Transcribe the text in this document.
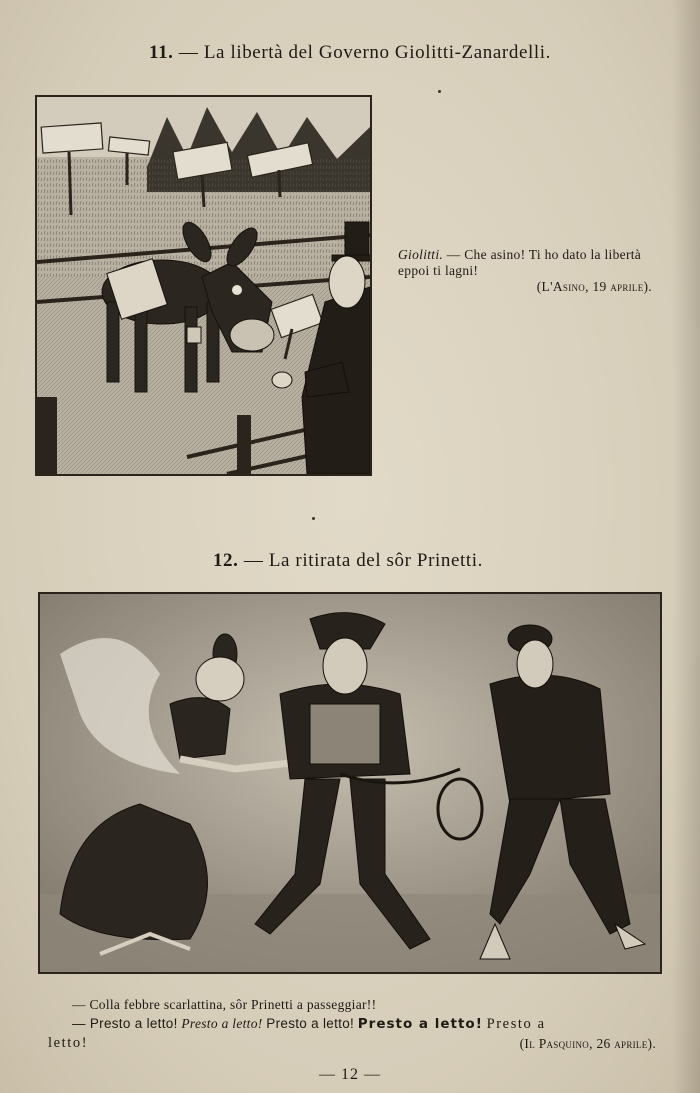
11. — La libertà del Governo Giolitti-Zanardelli.
Giolitti. — Che asino! Ti ho dato la libertà eppoi ti lagni!
(L'Asino, 19 aprile).
12. — La ritirata del sôr Prinetti.

— Colla febbre scarlattina, sôr Prinetti a passeggiar!!

— Presto a letto! Presto a letto! Presto a letto! Presto a letto! Presto a

letto!	(Il Pasquino, 26 aprile).

— 12 —
